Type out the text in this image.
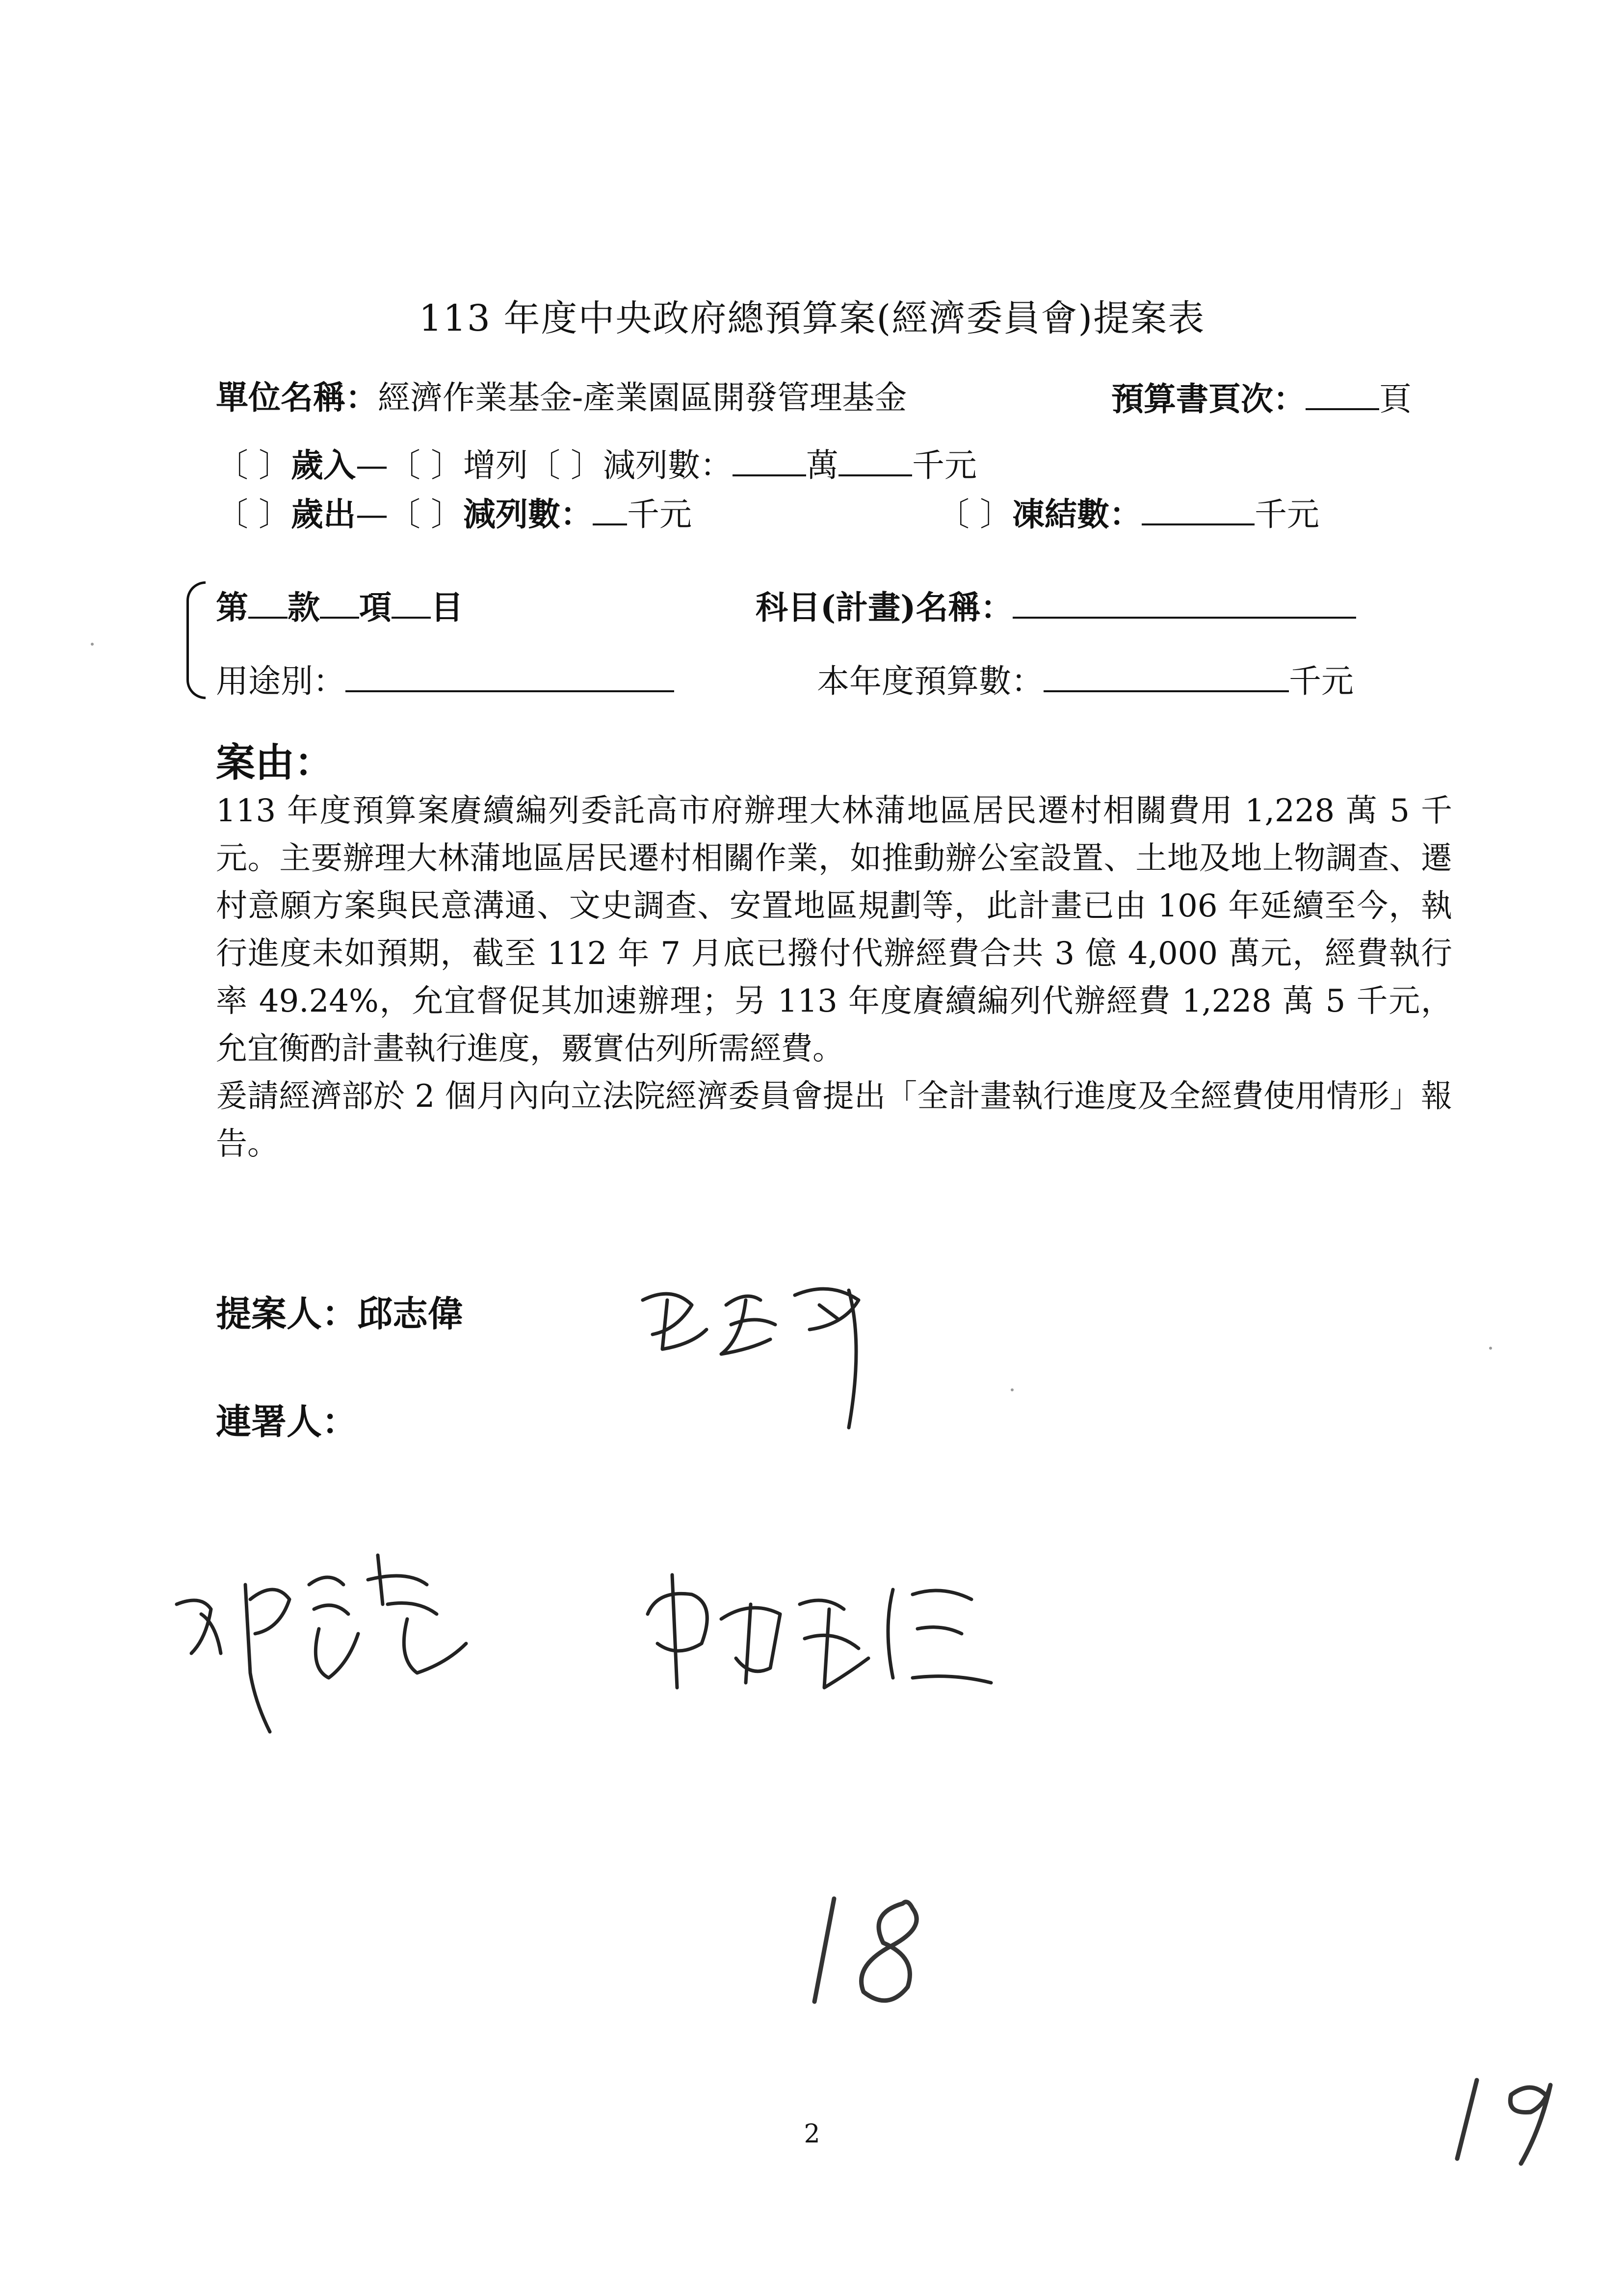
113 年度中央政府總預算案(經濟委員會)提案表
單位名稱：經濟作業基金-產業園區開發管理基金	預算書頁次： 頁
〔 〕歲入—〔 〕增列〔 〕減列數： 萬 千元
〔 〕歲出—〔 〕減列數： 千元	〔 〕凍結數：	千元
第 款 項 目	科目(計畫)名稱：
用途別：	本年度預算數：	千元
案由：

113 年度預算案賡續編列委託高市府辦理大林蒲地區居民遷村相關費用 1,228 萬 5 千元。主要辦理大林蒲地區居民遷村相關作業，如推動辦公室設置、土地及地上物調查、遷村意願方案與民意溝通、文史調查、安置地區規劃等，此計畫已由 106 年延續至今，執行進度未如預期，截至 112 年 7 月底已撥付代辦經費合共 3 億 4,000 萬元，經費執行率 49.24%，允宜督促其加速辦理；另 113 年度賡續編列代辦經費 1,228 萬 5 千元，允宜衡酌計畫執行進度，覈實估列所需經費。

爰請經濟部於 2 個月內向立法院經濟委員會提出「全計畫執行進度及全經費使用情形」報告。

提案人：邱志偉
連署人：
2
